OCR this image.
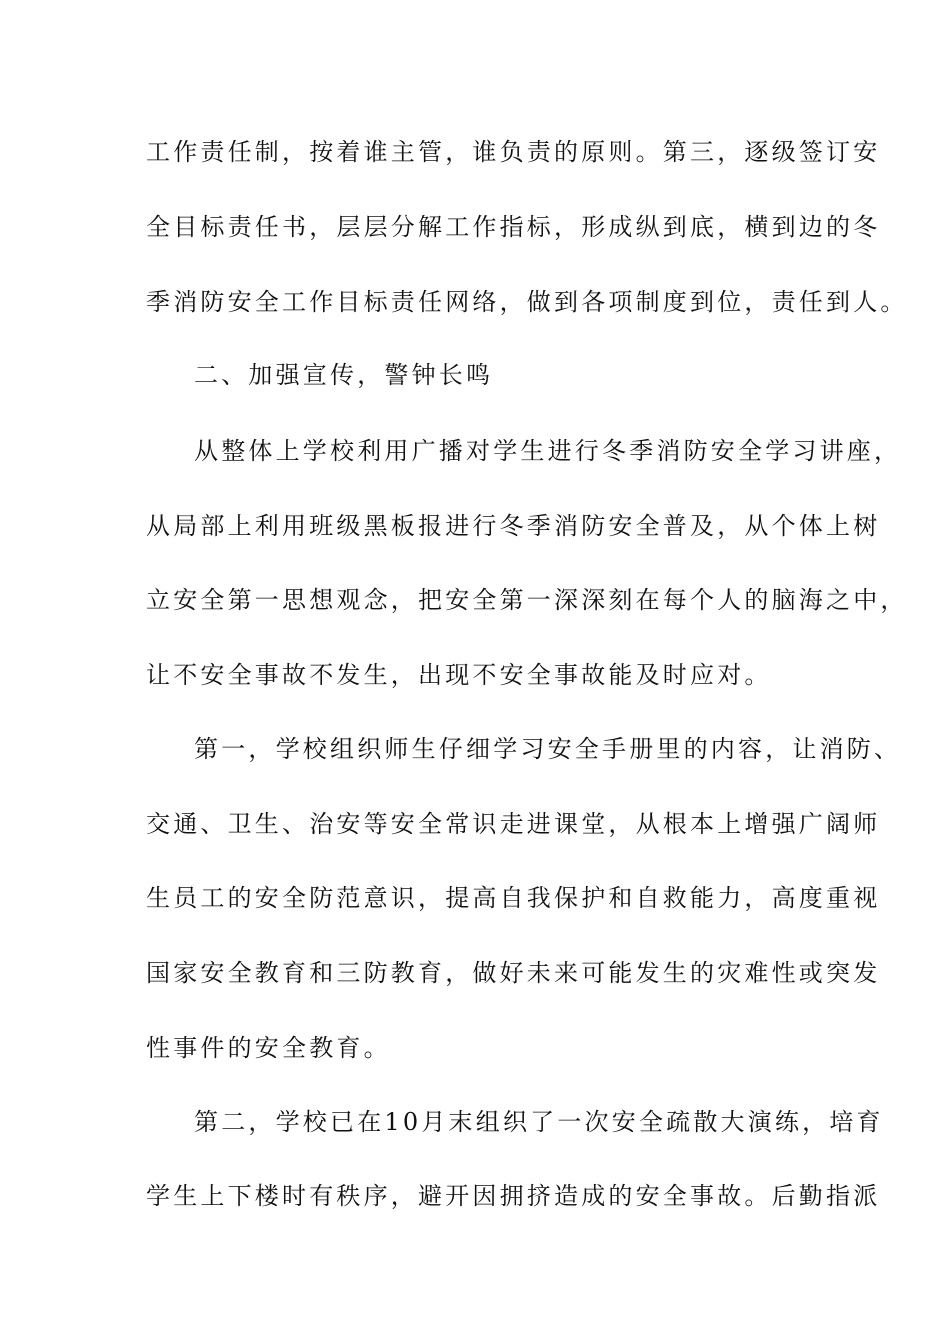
工作责任制，按着谁主管，谁负责的原则。第三，逐级签订安
全目标责任书，层层分解工作指标，形成纵到底，横到边的冬
季消防安全工作目标责任网络，做到各项制度到位，责任到人。
二、加强宣传，警钟长鸣
从整体上学校利用广播对学生进行冬季消防安全学习讲座，
从局部上利用班级黑板报进行冬季消防安全普及，从个体上树
立安全第一思想观念，把安全第一深深刻在每个人的脑海之中，
让不安全事故不发生，出现不安全事故能及时应对。
第一，学校组织师生仔细学习安全手册里的内容，让消防、
交通、卫生、治安等安全常识走进课堂，从根本上增强广阔师
生员工的安全防范意识，提高自我保护和自救能力，高度重视
国家安全教育和三防教育，做好未来可能发生的灾难性或突发
性事件的安全教育。
第二，学校已在10月末组织了一次安全疏散大演练，培育
学生上下楼时有秩序，避开因拥挤造成的安全事故。后勤指派
